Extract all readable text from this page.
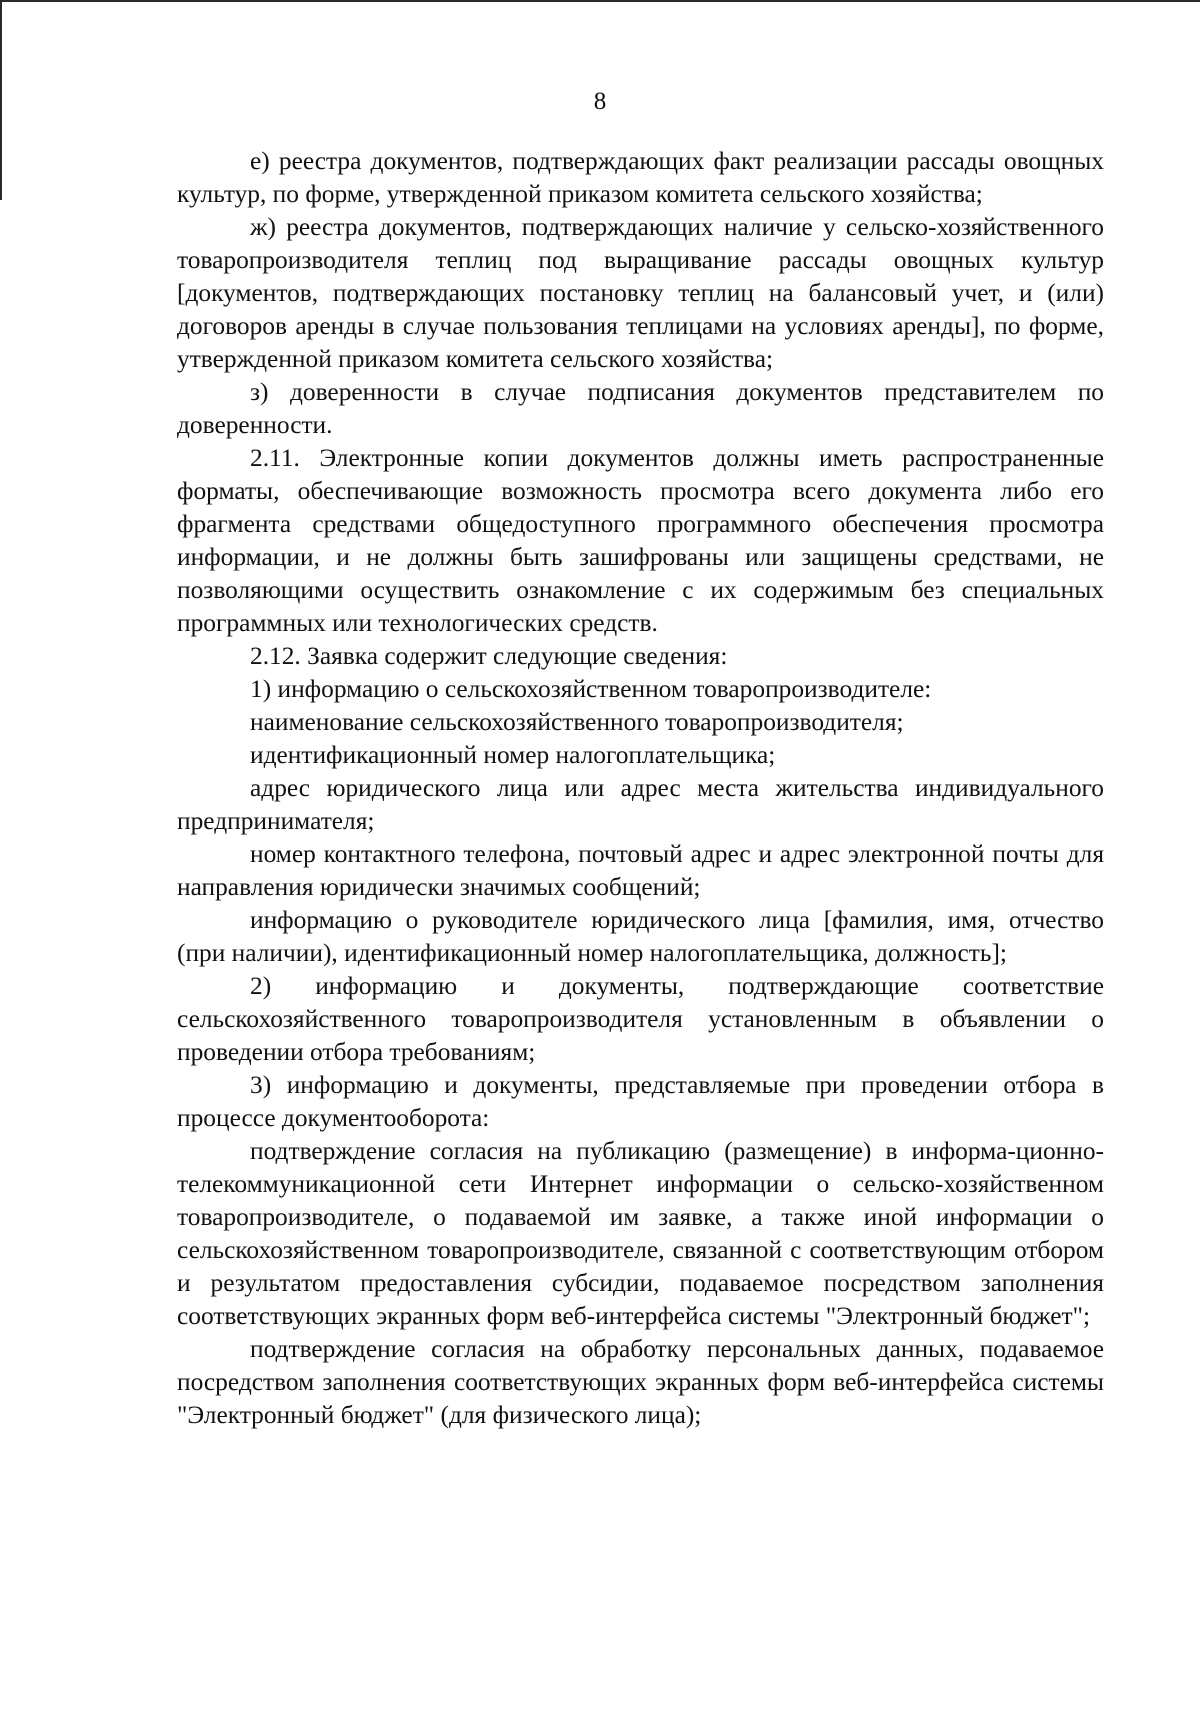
8

е) реестра документов, подтверждающих факт реализации рассады овощных культур, по форме, утвержденной приказом комитета сельского хозяйства;

ж) реестра документов, подтверждающих наличие у сельско-хозяйственного товаропроизводителя теплиц под выращивание рассады овощных культур [документов, подтверждающих постановку теплиц на балансовый учет, и (или) договоров аренды в случае пользования теплицами на условиях аренды], по форме, утвержденной приказом комитета сельского хозяйства;

з) доверенности в случае подписания документов представителем по доверенности.

2.11. Электронные копии документов должны иметь распространенные форматы, обеспечивающие возможность просмотра всего документа либо его фрагмента средствами общедоступного программного обеспечения просмотра информации, и не должны быть зашифрованы или защищены средствами, не позволяющими осуществить ознакомление с их содержимым без специальных программных или технологических средств.

2.12. Заявка содержит следующие сведения:

1) информацию о сельскохозяйственном товаропроизводителе:

наименование сельскохозяйственного товаропроизводителя;

идентификационный номер налогоплательщика;

адрес юридического лица или адрес места жительства индивидуального предпринимателя;

номер контактного телефона, почтовый адрес и адрес электронной почты для направления юридически значимых сообщений;

информацию о руководителе юридического лица [фамилия, имя, отчество (при наличии), идентификационный номер налогоплательщика, должность];

2) информацию и документы, подтверждающие соответствие сельскохозяйственного товаропроизводителя установленным в объявлении о проведении отбора требованиям;

3) информацию и документы, представляемые при проведении отбора в процессе документооборота:

подтверждение согласия на публикацию (размещение) в информа-ционно-телекоммуникационной сети Интернет информации о сельско-хозяйственном товаропроизводителе, о подаваемой им заявке, а также иной информации о сельскохозяйственном товаропроизводителе, связанной с соответствующим отбором и результатом предоставления субсидии, подаваемое посредством заполнения соответствующих экранных форм веб-интерфейса системы "Электронный бюджет";

подтверждение согласия на обработку персональных данных, подаваемое посредством заполнения соответствующих экранных форм веб-интерфейса системы "Электронный бюджет" (для физического лица);
